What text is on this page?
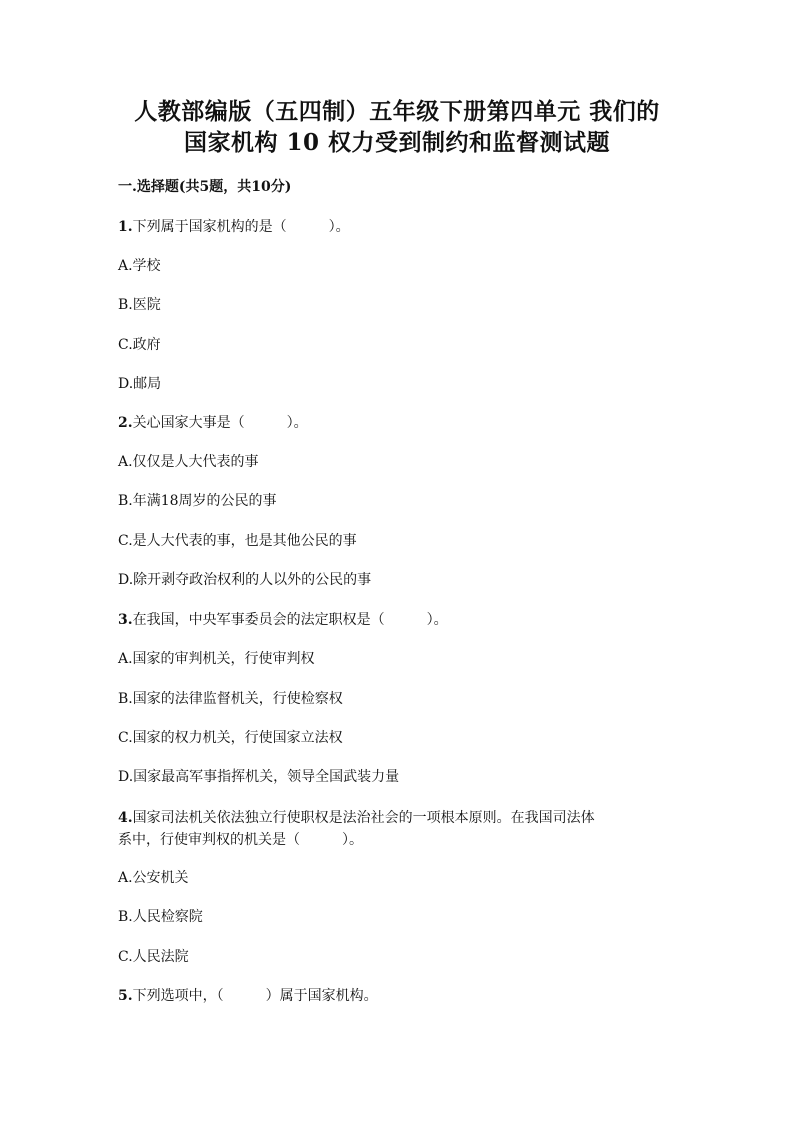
人教部编版（五四制）五年级下册第四单元 我们的
国家机构 10 权力受到制约和监督测试题

一.选择题(共5题，共10分)

1.下列属于国家机构的是（　　　）。

A.学校

B.医院

C.政府

D.邮局

2.关心国家大事是（　　　）。

A.仅仅是人大代表的事

B.年满18周岁的公民的事

C.是人大代表的事，也是其他公民的事

D.除开剥夺政治权利的人以外的公民的事

3.在我国，中央军事委员会的法定职权是（　　　）。

A.国家的审判机关，行使审判权

B.国家的法律监督机关，行使检察权

C.国家的权力机关，行使国家立法权

D.国家最高军事指挥机关，领导全国武装力量

4.国家司法机关依法独立行使职权是法治社会的一项根本原则。在我国司法体

系中，行使审判权的机关是（　　　）。

A.公安机关

B.人民检察院

C.人民法院

5.下列选项中，（　　　）属于国家机构。
